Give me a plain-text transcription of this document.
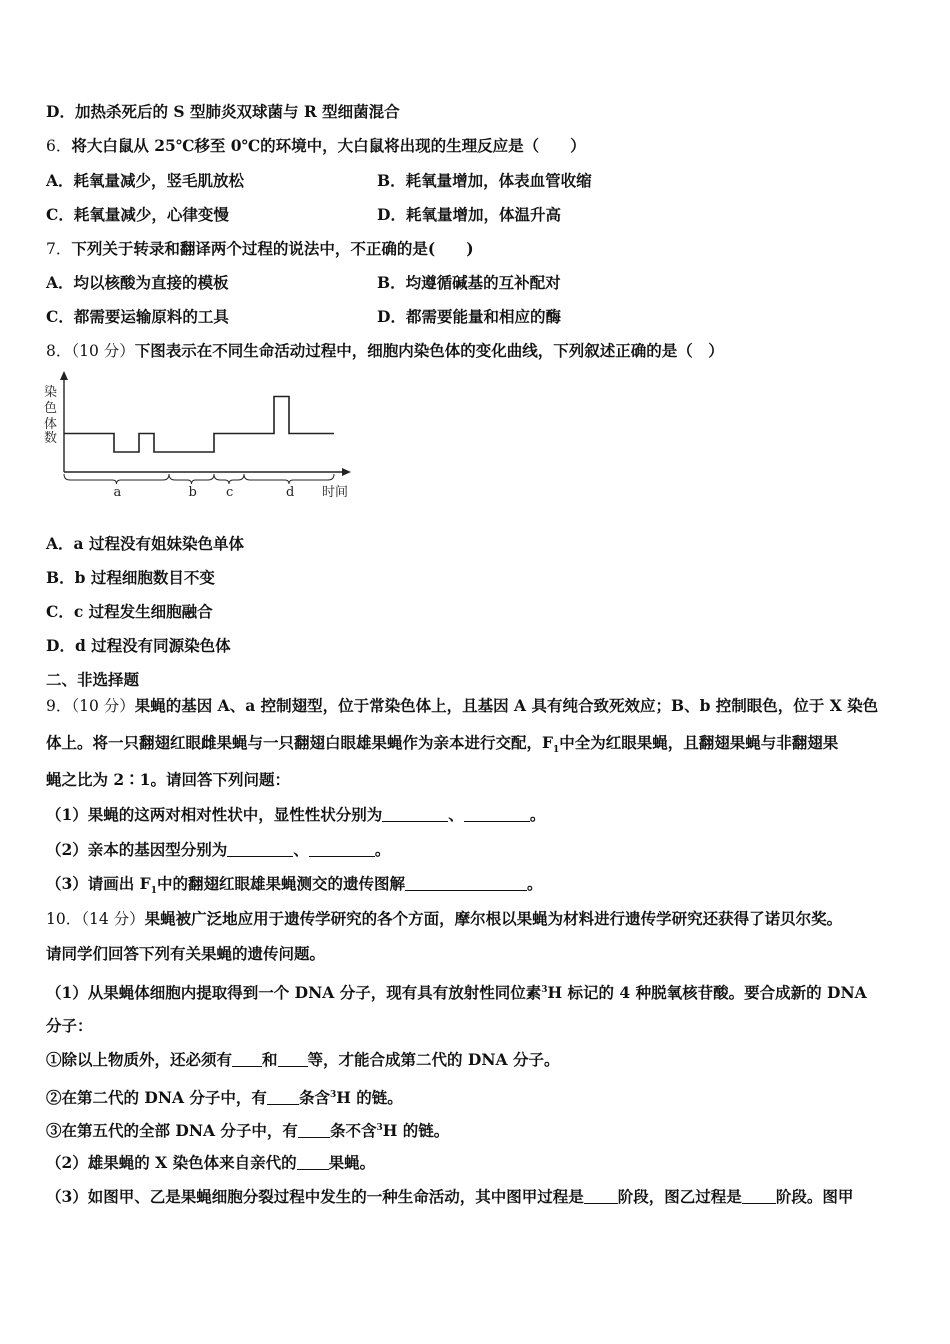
D．加热杀死后的 S 型肺炎双球菌与 R 型细菌混合
6．将大白鼠从 25℃移至 0℃的环境中，大白鼠将出现的生理反应是（　　）
A．耗氧量减少，竖毛肌放松	B．耗氧量增加，体表血管收缩
C．耗氧量减少，心律变慢	D．耗氧量增加，体温升高
7．下列关于转录和翻译两个过程的说法中，不正确的是(　　)
A．均以核酸为直接的模板	B．均遵循碱基的互补配对
C．都需要运输原料的工具	D．都需要能量和相应的酶
8．（10 分）下图表示在不同生命活动过程中，细胞内染色体的变化曲线，下列叙述正确的是（　）
染
色
体
数
a	b c	d 时间
A．a 过程没有姐妹染色单体
B．b 过程细胞数目不变
C．c 过程发生细胞融合
D．d 过程没有同源染色体
二、非选择题
9．（10 分）果蝇的基因 A、a 控制翅型，位于常染色体上，且基因 A 具有纯合致死效应；B、b 控制眼色，位于 X 染色
体上。将一只翻翅红眼雌果蝇与一只翻翅白眼雄果蝇作为亲本进行交配，$F_1$中全为红眼果蝇，且翻翅果蝇与非翻翅果
蝇之比为 2∶1。请回答下列问题：
（1）果蝇的这两对相对性状中，显性性状分别为	、	。
（2）亲本的基因型分别为	、	。
（3）请画出 $F_1$中的翻翅红眼雄果蝇测交的遗传图解	。
10．（14 分）果蝇被广泛地应用于遗传学研究的各个方面，摩尔根以果蝇为材料进行遗传学研究还获得了诺贝尔奖。
请同学们回答下列有关果蝇的遗传问题。
（1）从果蝇体细胞内提取得到一个 DNA 分子，现有具有放射性同位素$^3$H 标记的 4 种脱氧核苷酸。要合成新的 DNA
分子：
①除以上物质外，还必须有 和 等，才能合成第二代的 DNA 分子。
②在第二代的 DNA 分子中，有 条含$^3$H 的链。
③在第五代的全部 DNA 分子中，有 条不含$^3$H 的链。
（2）雄果蝇的 X 染色体来自亲代的 果蝇。
（3）如图甲、乙是果蝇细胞分裂过程中发生的一种生命活动，其中图甲过程是 阶段，图乙过程是 阶段。图甲
